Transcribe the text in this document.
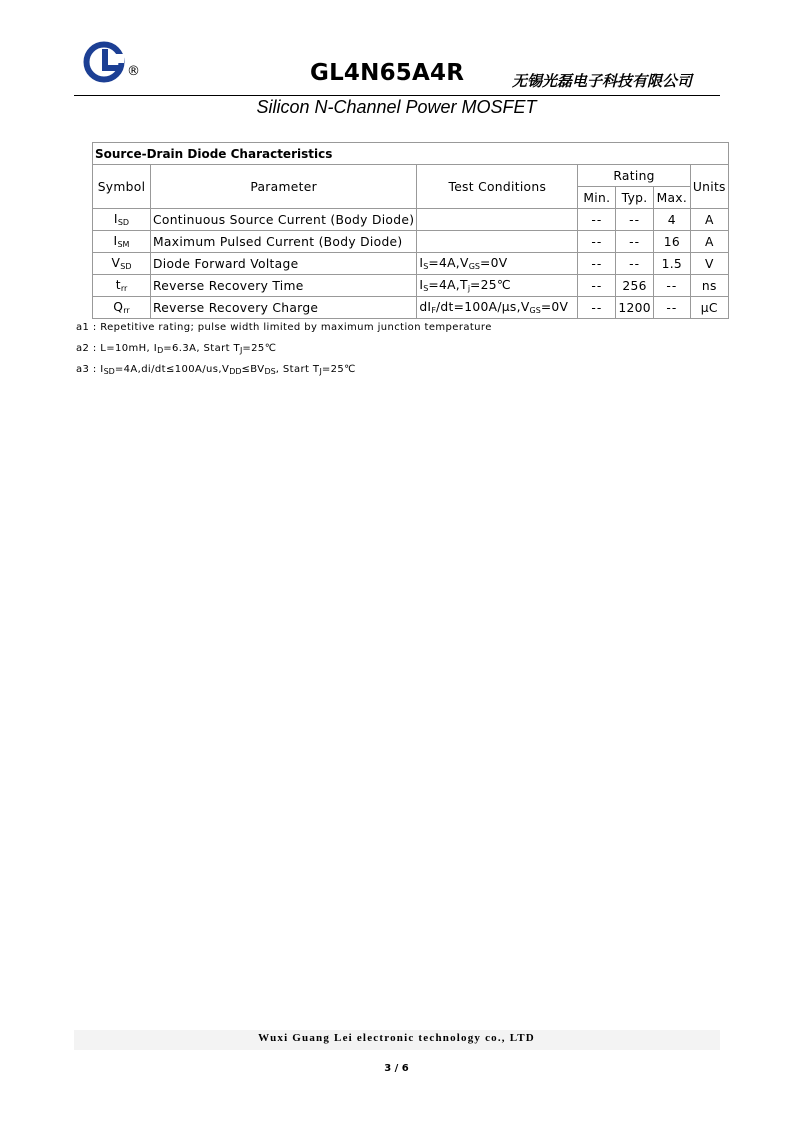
®	GL4N65A4R	无锡光磊电子科技有限公司
Silicon N-Channel Power MOSFET
Source-Drain Diode Characteristics						
Symbol	Parameter	Test Conditions	Rating			Units
			Min.	Typ.	Max.	
$I_{SD}$	Continuous Source Current (Body Diode)		--	--	4	A
$I_{SM}$	Maximum Pulsed Current (Body Diode)		--	--	16	A
$V_{SD}$	Diode Forward Voltage	$I_S=4A,V_{GS}=0V$	--	--	1.5	V
$t_{rr}$	Reverse Recovery Time	$I_S=4A,T_j=25℃$	--	256	--	ns
$Q_{rr}$	Reverse Recovery Charge	$dI_F/dt=100A/\mu s,V_{GS}=0V$	--	1200	--	μC
a1 : Repetitive rating; pulse width limited by maximum junction temperature
a2 : L=10mH, $I_D=6.3A$, Start $T_J=25℃$
a3 : $I_{SD}=4A,di/dt\le 100A/us,V_{DD}\le BV_{DS}$, Start $T_J=25℃$
Wuxi Guang Lei electronic technology co., LTD
3 / 6
